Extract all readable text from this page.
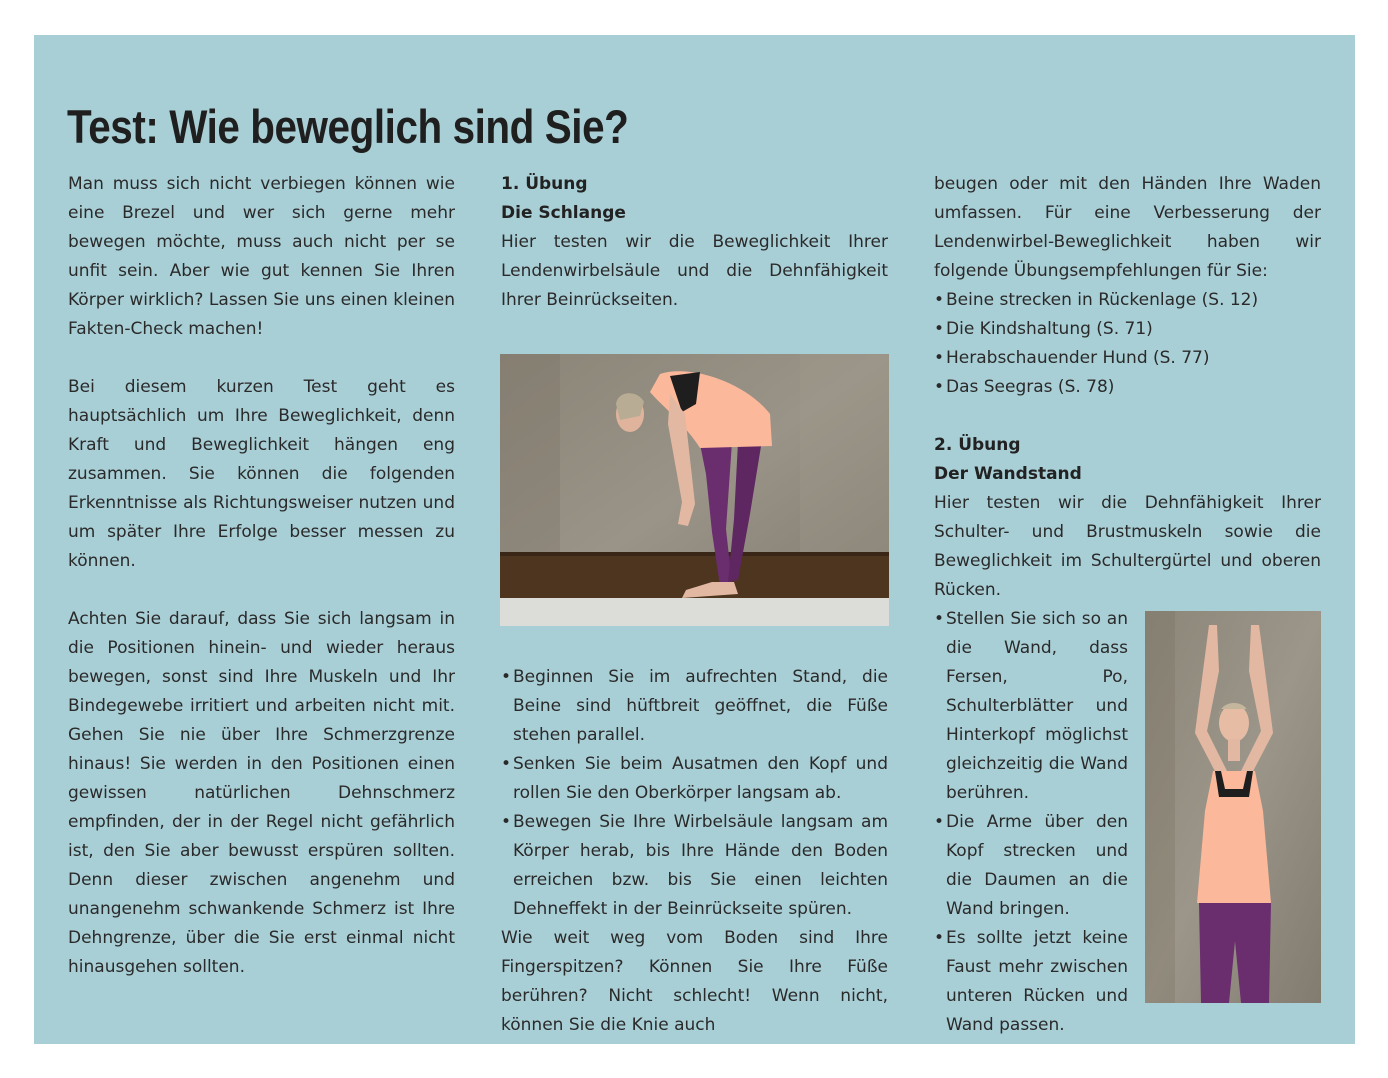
Test: Wie beweglich sind Sie?

Man muss sich nicht verbiegen können wie eine Brezel und wer sich gerne mehr bewegen möchte, muss auch nicht per se unfit sein. Aber wie gut kennen Sie Ihren Körper wirklich? Lassen Sie uns einen kleinen Fakten-Check machen!

Bei diesem kurzen Test geht es hauptsächlich um Ihre Beweglichkeit, denn Kraft und Beweglichkeit hängen eng zusammen. Sie können die folgenden Erkenntnisse als Richtungsweiser nutzen und um später Ihre Erfolge besser messen zu können.

Achten Sie darauf, dass Sie sich langsam in die Positionen hinein- und wieder heraus bewegen, sonst sind Ihre Muskeln und Ihr Bindegewebe irritiert und arbeiten nicht mit. Gehen Sie nie über Ihre Schmerzgrenze hinaus! Sie werden in den Positionen einen gewissen natürlichen Dehnschmerz empfinden, der in der Regel nicht gefährlich ist, den Sie aber bewusst erspüren sollten. Denn dieser zwischen angenehm und unangenehm schwankende Schmerz ist Ihre Dehngrenze, über die Sie erst einmal nicht hinausgehen sollten.

1. Übung
Die Schlange

Hier testen wir die Beweglichkeit Ihrer Lendenwirbelsäule und die Dehnfähigkeit Ihrer Beinrückseiten.

• Beginnen Sie im aufrechten Stand, die Beine sind hüftbreit geöffnet, die Füße stehen parallel.
• Senken Sie beim Ausatmen den Kopf und rollen Sie den Oberkörper langsam ab.
• Bewegen Sie Ihre Wirbelsäule langsam am Körper herab, bis Ihre Hände den Boden erreichen bzw. bis Sie einen leichten Dehneffekt in der Beinrückseite spüren.

Wie weit weg vom Boden sind Ihre Fingerspitzen? Können Sie Ihre Füße berühren? Nicht schlecht! Wenn nicht, können Sie die Knie auch

beugen oder mit den Händen Ihre Waden umfassen. Für eine Verbesserung der Lendenwirbel-Beweglichkeit haben wir folgende Übungsempfehlungen für Sie:

• Beine strecken in Rückenlage (S. 12)
• Die Kindshaltung (S. 71)
• Herabschauender Hund (S. 77)
• Das Seegras (S. 78)
2. Übung
Der Wandstand

Hier testen wir die Dehnfähigkeit Ihrer Schulter- und Brustmuskeln sowie die Beweglichkeit im Schultergürtel und oberen Rücken.

• Stellen Sie sich so an die Wand, dass Fersen, Po, Schulterblätter und Hinterkopf möglichst gleichzeitig die Wand berühren.
• Die Arme über den Kopf strecken und die Daumen an die Wand bringen.
• Es sollte jetzt keine Faust mehr zwischen unteren Rücken und Wand passen.
